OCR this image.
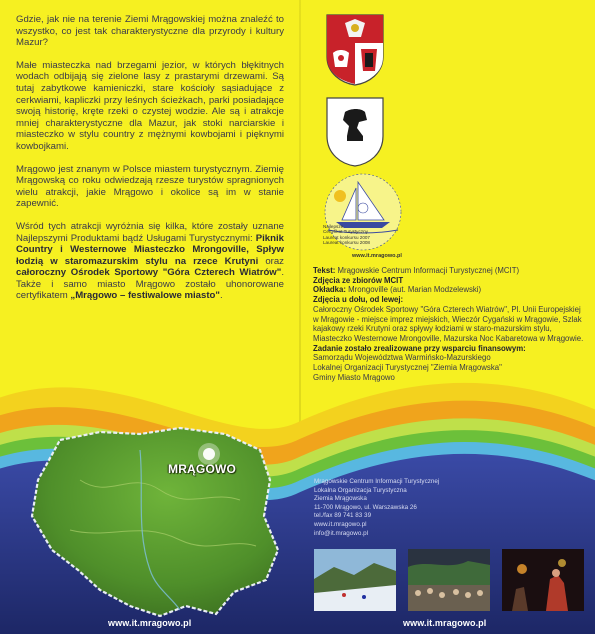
Gdzie, jak nie na terenie Ziemi Mrągowskiej można znaleźć to wszystko, co jest tak charakterystyczne dla przyrody i kultury Mazur?

Małe miasteczka nad brzegami jezior, w których błękitnych wodach odbijają się zielone lasy z prastarymi drzewami. Są tutaj zabytkowe kamieniczki, stare kościoły sąsiadujące z cerkwiami, kapliczki przy leśnych ścieżkach, parki posiadające swoją historię, kręte rzeki o czystej wodzie. Ale są i atrakcje mniej charakterystyczne dla Mazur, jak stoki narciarskie i miasteczko w stylu country z mężnymi kowbojami i pięknymi kowbojkami.

Mrągowo jest znanym w Polsce miastem turystycznym. Ziemię Mrągowską co roku odwiedzają rzesze turystów spragnionych wielu atrakcji, jakie Mrągowo i okolice są im w stanie zapewnić.

Wśród tych atrakcji wyróżnia się kilka, które zostały uznane Najlepszymi Produktami bądź Usługami Turystycznymi: Piknik Country i Westernowe Miasteczko Mrongoville, Spływ łodzią w staromazurskim stylu na rzece Krutyni oraz całoroczny Ośrodek Sportowy "Góra Czterech Wiatrów". Także i samo miasto Mrągowo zostało uhonorowane certyfikatem „Mrągowo – festiwalowe miasto".

Najlepsze
Certyfikat Turystyczny
Laureat konkursu 2007
Laureat konkursu 2008
www.it.mragowo.pl

Tekst: Mrągowskie Centrum Informacji Turystycznej (MCIT)

Zdjęcia ze zbiorów MCIT

Okładka: Mrongoville (aut. Marian Modzelewski)

Zdjęcia u dołu, od lewej:

Całoroczny Ośrodek Sportowy "Góra Czterech Wiatrów", Pl. Unii Europejskiej w Mrągowie - miejsce imprez miejskich, Wieczór Cygański w Mrągowie, Szlak kajakowy rzeki Krutyni oraz spływy łodziami w staro-mazurskim stylu, Miasteczko Westernowe Mrongoville, Mazurska Noc Kabaretowa w Mrągowie.

Zadanie zostało zrealizowane przy wsparciu finansowym:

Samorządu Województwa Warmińsko-Mazurskiego

Lokalnej Organizacji Turystycznej "Ziemia Mrągowska"

Gminy Miasto Mrągowo

MRĄGOWO
www.it.mragowo.pl
Mrągowskie Centrum Informacji Turystycznej
Lokalna Organizacja Turystyczna
Ziemia Mrągowska
11-700 Mrągowo, ul. Warszawska 26
tel./fax 89 741 83 39
www.it.mragowo.pl
info@it.mragowo.pl
www.it.mragowo.pl
